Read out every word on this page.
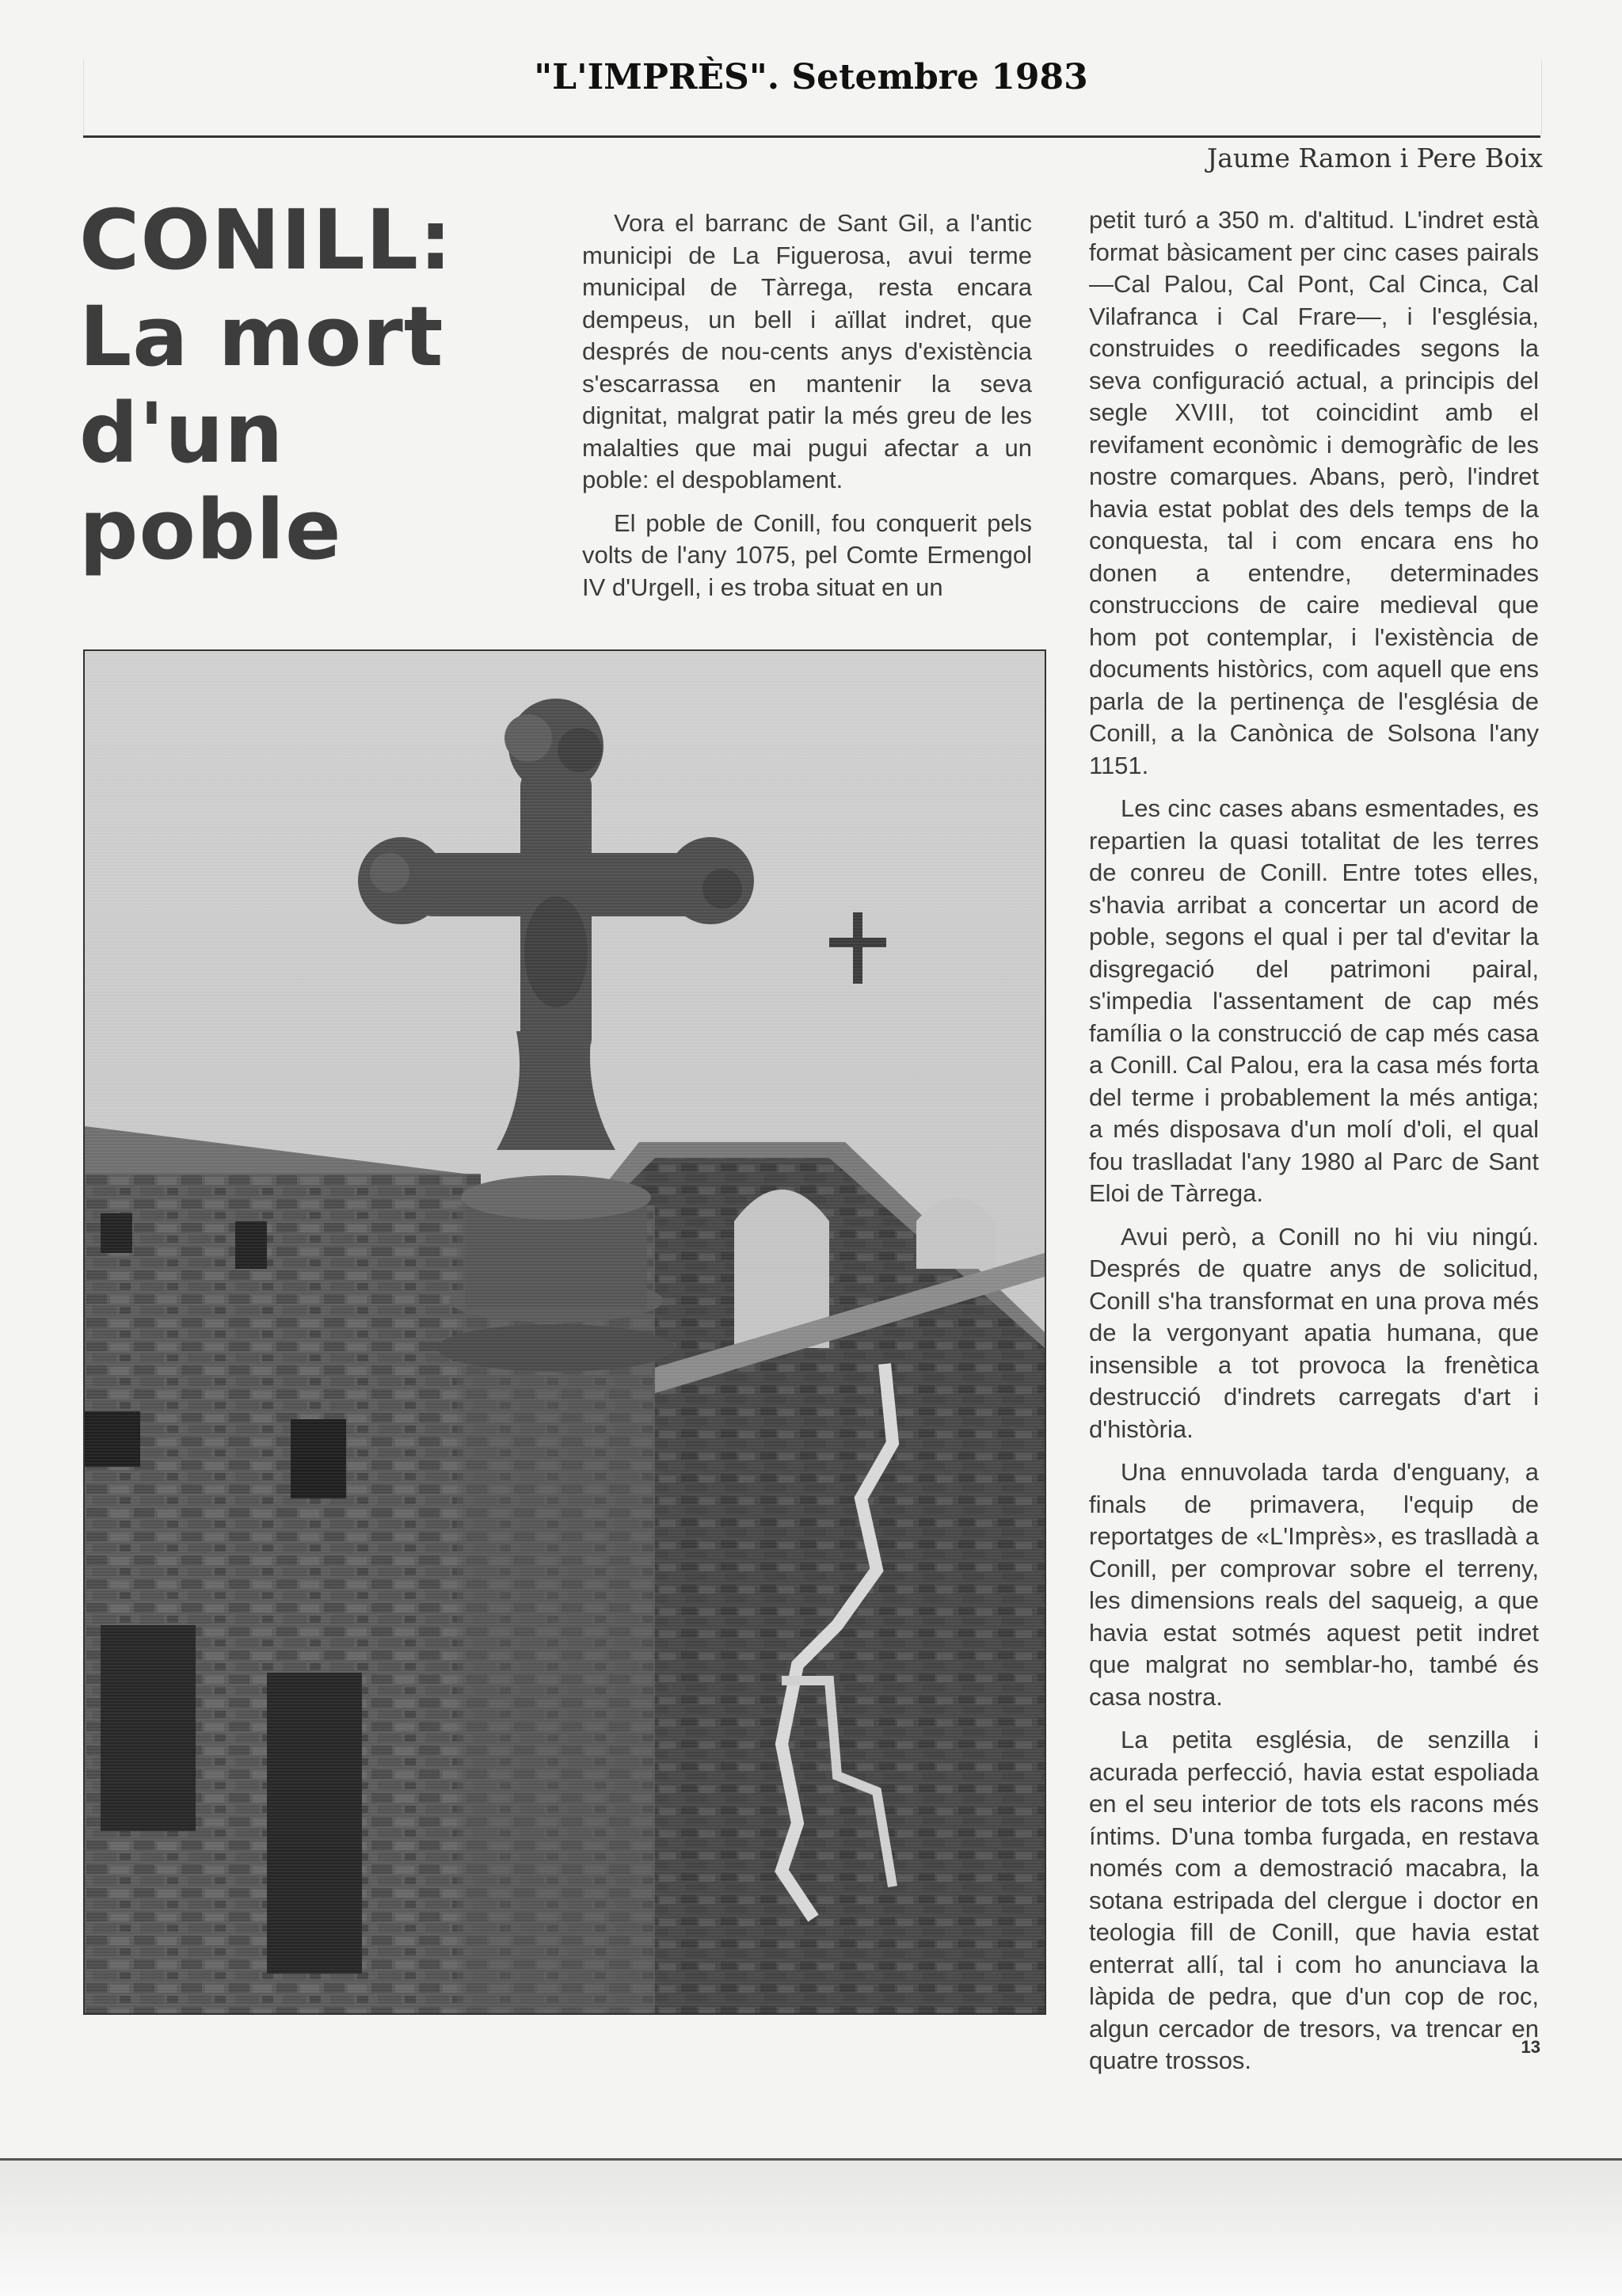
"L'IMPRÈS". Setembre 1983
Jaume Ramon i Pere Boix
CONILL:
La mort
d'un
poble

Vora el barranc de Sant Gil, a l'antic municipi de La Figuerosa, avui terme municipal de Tàrrega, resta encara dempeus, un bell i aïllat indret, que després de nou-cents anys d'existència s'escarrassa en mantenir la seva dignitat, malgrat patir la més greu de les malalties que mai pugui afectar a un poble: el despoblament.

El poble de Conill, fou conquerit pels volts de l'any 1075, pel Comte Ermengol IV d'Urgell, i es troba situat en un

petit turó a 350 m. d'altitud. L'indret està format bàsicament per cinc cases pairals —Cal Palou, Cal Pont, Cal Cinca, Cal Vilafranca i Cal Frare—, i l'església, construides o reedificades segons la seva configuració actual, a principis del segle XVIII, tot coincidint amb el revifament econòmic i demogràfic de les nostre comarques. Abans, però, l'indret havia estat poblat des dels temps de la conquesta, tal i com encara ens ho donen a entendre, determinades construccions de caire medieval que hom pot contemplar, i l'existència de documents històrics, com aquell que ens parla de la pertinença de l'església de Conill, a la Canònica de Solsona l'any 1151.

Les cinc cases abans esmentades, es repartien la quasi totalitat de les terres de conreu de Conill. Entre totes elles, s'havia arribat a concertar un acord de poble, segons el qual i per tal d'evitar la disgregació del patrimoni pairal, s'impedia l'assentament de cap més família o la construcció de cap més casa a Conill. Cal Palou, era la casa més forta del terme i probablement la més antiga; a més disposava d'un molí d'oli, el qual fou traslladat l'any 1980 al Parc de Sant Eloi de Tàrrega.

Avui però, a Conill no hi viu ningú. Després de quatre anys de solicitud, Conill s'ha transformat en una prova més de la vergonyant apatia humana, que insensible a tot provoca la frenètica destrucció d'indrets carregats d'art i d'història.

Una ennuvolada tarda d'enguany, a finals de primavera, l'equip de reportatges de «L'Imprès», es traslladà a Conill, per comprovar sobre el terreny, les dimensions reals del saqueig, a que havia estat sotmés aquest petit indret que malgrat no semblar-ho, també és casa nostra.

La petita església, de senzilla i acurada perfecció, havia estat espoliada en el seu interior de tots els racons més íntims. D'una tomba furgada, en restava només com a demostració macabra, la sotana estripada del clergue i doctor en teologia fill de Conill, que havia estat enterrat allí, tal i com ho anunciava la làpida de pedra, que d'un cop de roc, algun cercador de tresors, va trencar en quatre trossos.	13
